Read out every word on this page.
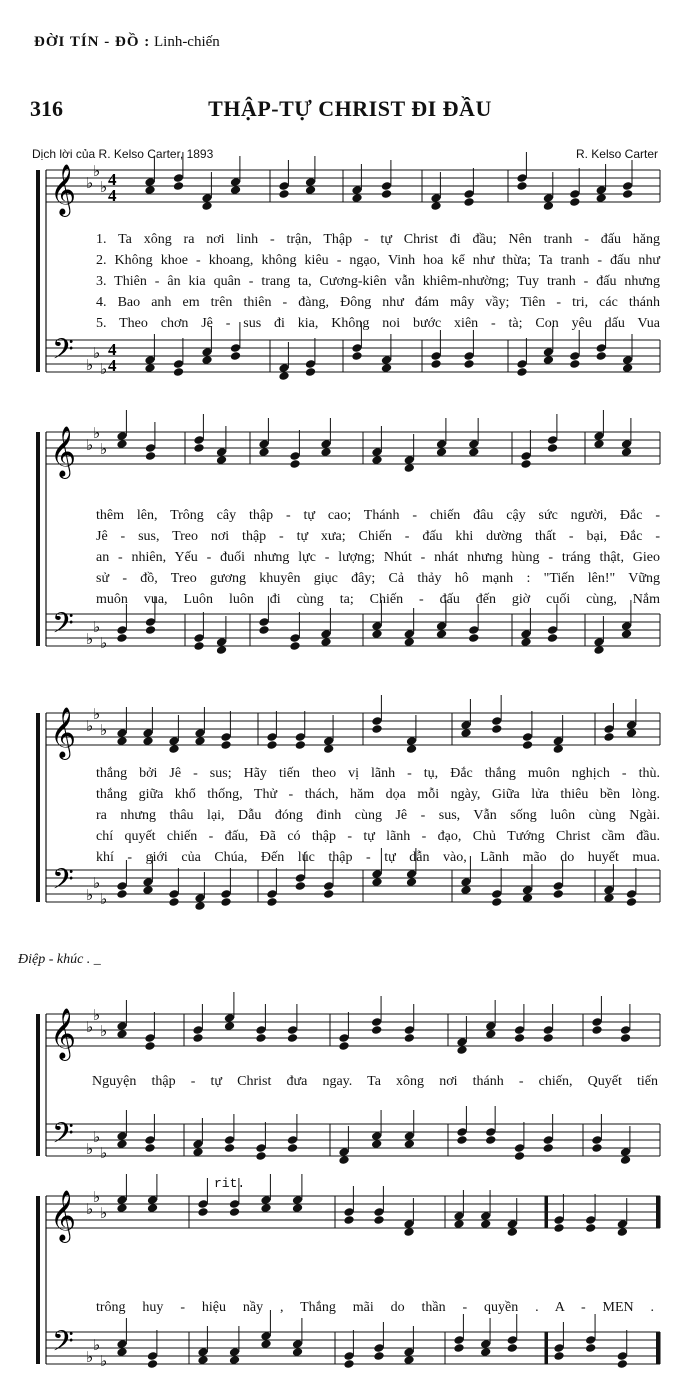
ĐỜI TÍN - ĐỒ : Linh-chiến
316	THẬP-TỰ CHRIST ĐI ĐẦU
Dịch lời của R. Kelso Carter, 1893	R. Kelso Carter
𝄞 ♭
♭
♭
𝄢 ♭
♭
♭
4
4
4
4
𝄞 ♭
♭
♭
𝄢 ♭
♭
♭
𝄞 ♭
♭
♭
𝄢 ♭
♭
♭
𝄞 ♭
♭
♭
𝄢 ♭
♭
♭
𝄞 ♭
♭
♭
𝄢 ♭
♭
♭
Điệp - khúc . _
rit.
1. Ta xông ra nơi linh - trận, Thập - tự Christ đi đầu; Nên tranh - đấu hăng
2. Không khoe - khoang, không kiêu - ngạo, Vinh hoa kể như thừa; Ta tranh - đấu như
3. Thiên - ân kia quân - trang ta, Cương-kiên vẫn khiêm-nhường; Tuy tranh - đấu nhưng
4. Bao anh em trên thiên - đàng, Đông như đám mây vầy; Tiên - tri, các thánh
5. Theo chơn Jê - sus đi kia, Không noi bước xiên - tà; Con yêu dấu Vua
thêm lên, Trông cây thập - tự cao; Thánh - chiến đâu cậy sức người, Đắc -
Jê - sus, Treo nơi thập - tự xưa; Chiến - đấu khi dường thất - bại, Đắc -
an - nhiên, Yếu - đuối nhưng lực - lượng; Nhút - nhát nhưng hùng - tráng thật, Gieo
sử - đồ, Treo gương khuyên giục đây; Cả thảy hô mạnh : "Tiến lên!" Vững
muôn vua, Luôn luôn đi cùng ta; Chiến - đấu đến giờ cuối cùng, Nắm
thắng bởi Jê - sus; Hãy tiến theo vị lãnh - tụ, Đắc thắng muôn nghịch - thù.
thắng giữa khổ thống, Thử - thách, hăm dọa mỗi ngày, Giữa lửa thiêu bền lòng.
ra nhưng thâu lại, Dẫu đóng đinh cùng Jê - sus, Vẫn sống luôn cùng Ngài.
chí quyết chiến - đấu, Đã có thập - tự lãnh - đạo, Chủ Tướng Christ cầm đầu.
khí - giới của Chúa, Đến lúc thập - tự dẫn vào, Lãnh mão do huyết mua.
Nguyện thập - tự Christ đưa ngay. Ta xông nơi thánh - chiến, Quyết tiến
trông huy - hiệu nầy , Thắng mãi do thần - quyền . A - MEN .
